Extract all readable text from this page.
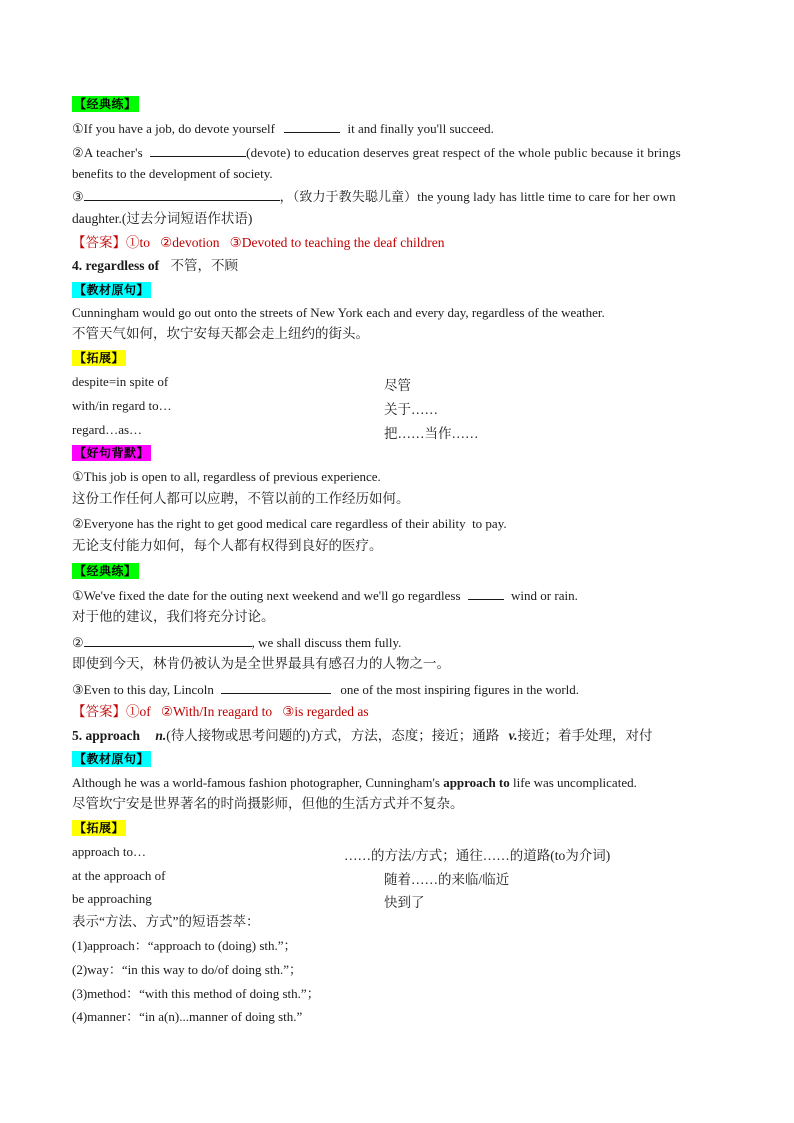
【经典练】
①If you have a job, do devote yourself	it and finally you'll succeed.
②A teacher's	(devote) to education deserves great respect of the whole public because it brings
benefits to the development of society.
③	，（致力于教失聪儿童）the young lady has little time to care for her own
daughter.(过去分词短语作状语)
【答案】①to   ②devotion   ③Devoted to teaching the deaf children
4. regardless of 不管，不顾
【教材原句】
Cunningham would go out onto the streets of New York each and every day, regardless of the weather.
不管天气如何，坎宁安每天都会走上纽约的街头。
【拓展】
despite=in spite of	尽管
with/in regard to…	关于……
regard…as…	把……当作……
【好句背默】
①This job is open to all, regardless of previous experience.
这份工作任何人都可以应聘，不管以前的工作经历如何。
②Everyone has the right to get good medical care regardless of their ability  to pay.
无论支付能力如何，每个人都有权得到良好的医疗。
【经典练】
①We've fixed the date for the outing next weekend and we'll go regardless	wind or rain.
对于他的建议，我们将充分讨论。
②	, we shall discuss them fully.
即使到今天，林肯仍被认为是全世界最具有感召力的人物之一。
③Even to this day, Lincoln	one of the most inspiring figures in the world.
【答案】①of   ②With/In reagard to   ③is regarded as
5. approach n.(待人接物或思考问题的)方式，方法，态度；接近；通路 v.接近；着手处理，对付
【教材原句】
Although he was a world-famous fashion photographer, Cunningham's approach to life was uncomplicated.
尽管坎宁安是世界著名的时尚摄影师，但他的生活方式并不复杂。
【拓展】
approach to…	……的方法/方式；通往……的道路(to为介词)
at the approach of	随着……的来临/临近
be approaching	快到了
表示“方法、方式”的短语荟萃：
(1)approach：“approach to (doing) sth.”；
(2)way：“in this way to do/of doing sth.”；
(3)method：“with this method of doing sth.”；
(4)manner：“in a(n)...manner of doing sth.”
